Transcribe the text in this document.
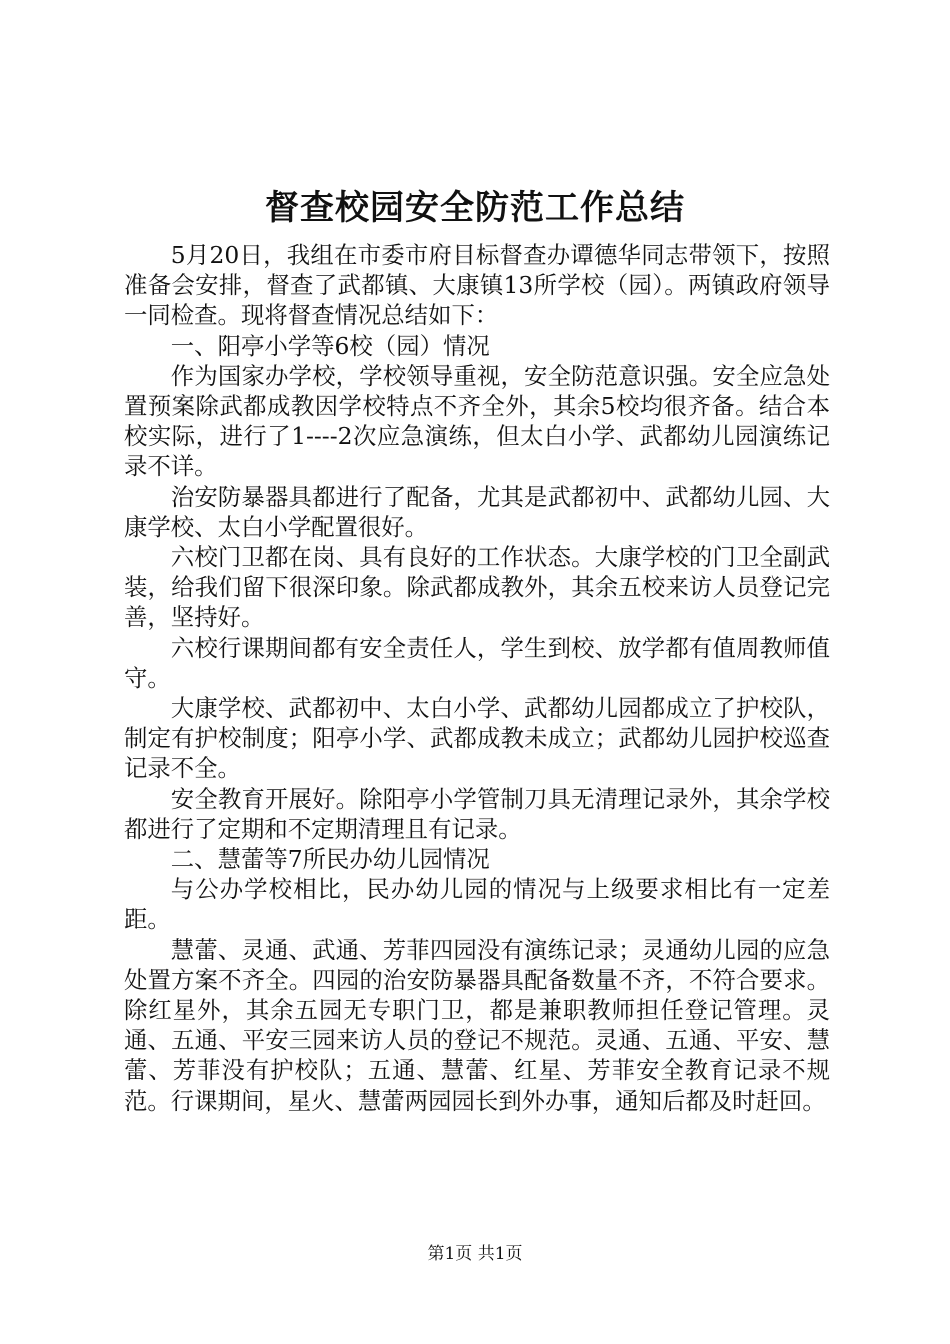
督查校园安全防范工作总结

5月20日，我组在市委市府目标督查办谭德华同志带领下，按照准备会安排，督查了武都镇、大康镇13所学校（园）。两镇政府领导一同检查。现将督查情况总结如下：

一、阳亭小学等6校（园）情况

作为国家办学校，学校领导重视，安全防范意识强。安全应急处置预案除武都成教因学校特点不齐全外，其余5校均很齐备。结合本校实际，进行了1----2次应急演练，但太白小学、武都幼儿园演练记录不详。

治安防暴器具都进行了配备，尤其是武都初中、武都幼儿园、大康学校、太白小学配置很好。

六校门卫都在岗、具有良好的工作状态。大康学校的门卫全副武装，给我们留下很深印象。除武都成教外，其余五校来访人员登记完善，坚持好。

六校行课期间都有安全责任人，学生到校、放学都有值周教师值守。

大康学校、武都初中、太白小学、武都幼儿园都成立了护校队，制定有护校制度；阳亭小学、武都成教未成立；武都幼儿园护校巡查记录不全。

安全教育开展好。除阳亭小学管制刀具无清理记录外，其余学校都进行了定期和不定期清理且有记录。

二、慧蕾等7所民办幼儿园情况

与公办学校相比，民办幼儿园的情况与上级要求相比有一定差距。

慧蕾、灵通、武通、芳菲四园没有演练记录；灵通幼儿园的应急处置方案不齐全。四园的治安防暴器具配备数量不齐，不符合要求。除红星外，其余五园无专职门卫，都是兼职教师担任登记管理。灵通、五通、平安三园来访人员的登记不规范。灵通、五通、平安、慧蕾、芳菲没有护校队；五通、慧蕾、红星、芳菲安全教育记录不规范。行课期间，星火、慧蕾两园园长到外办事，通知后都及时赶回。

第1页 共1页
